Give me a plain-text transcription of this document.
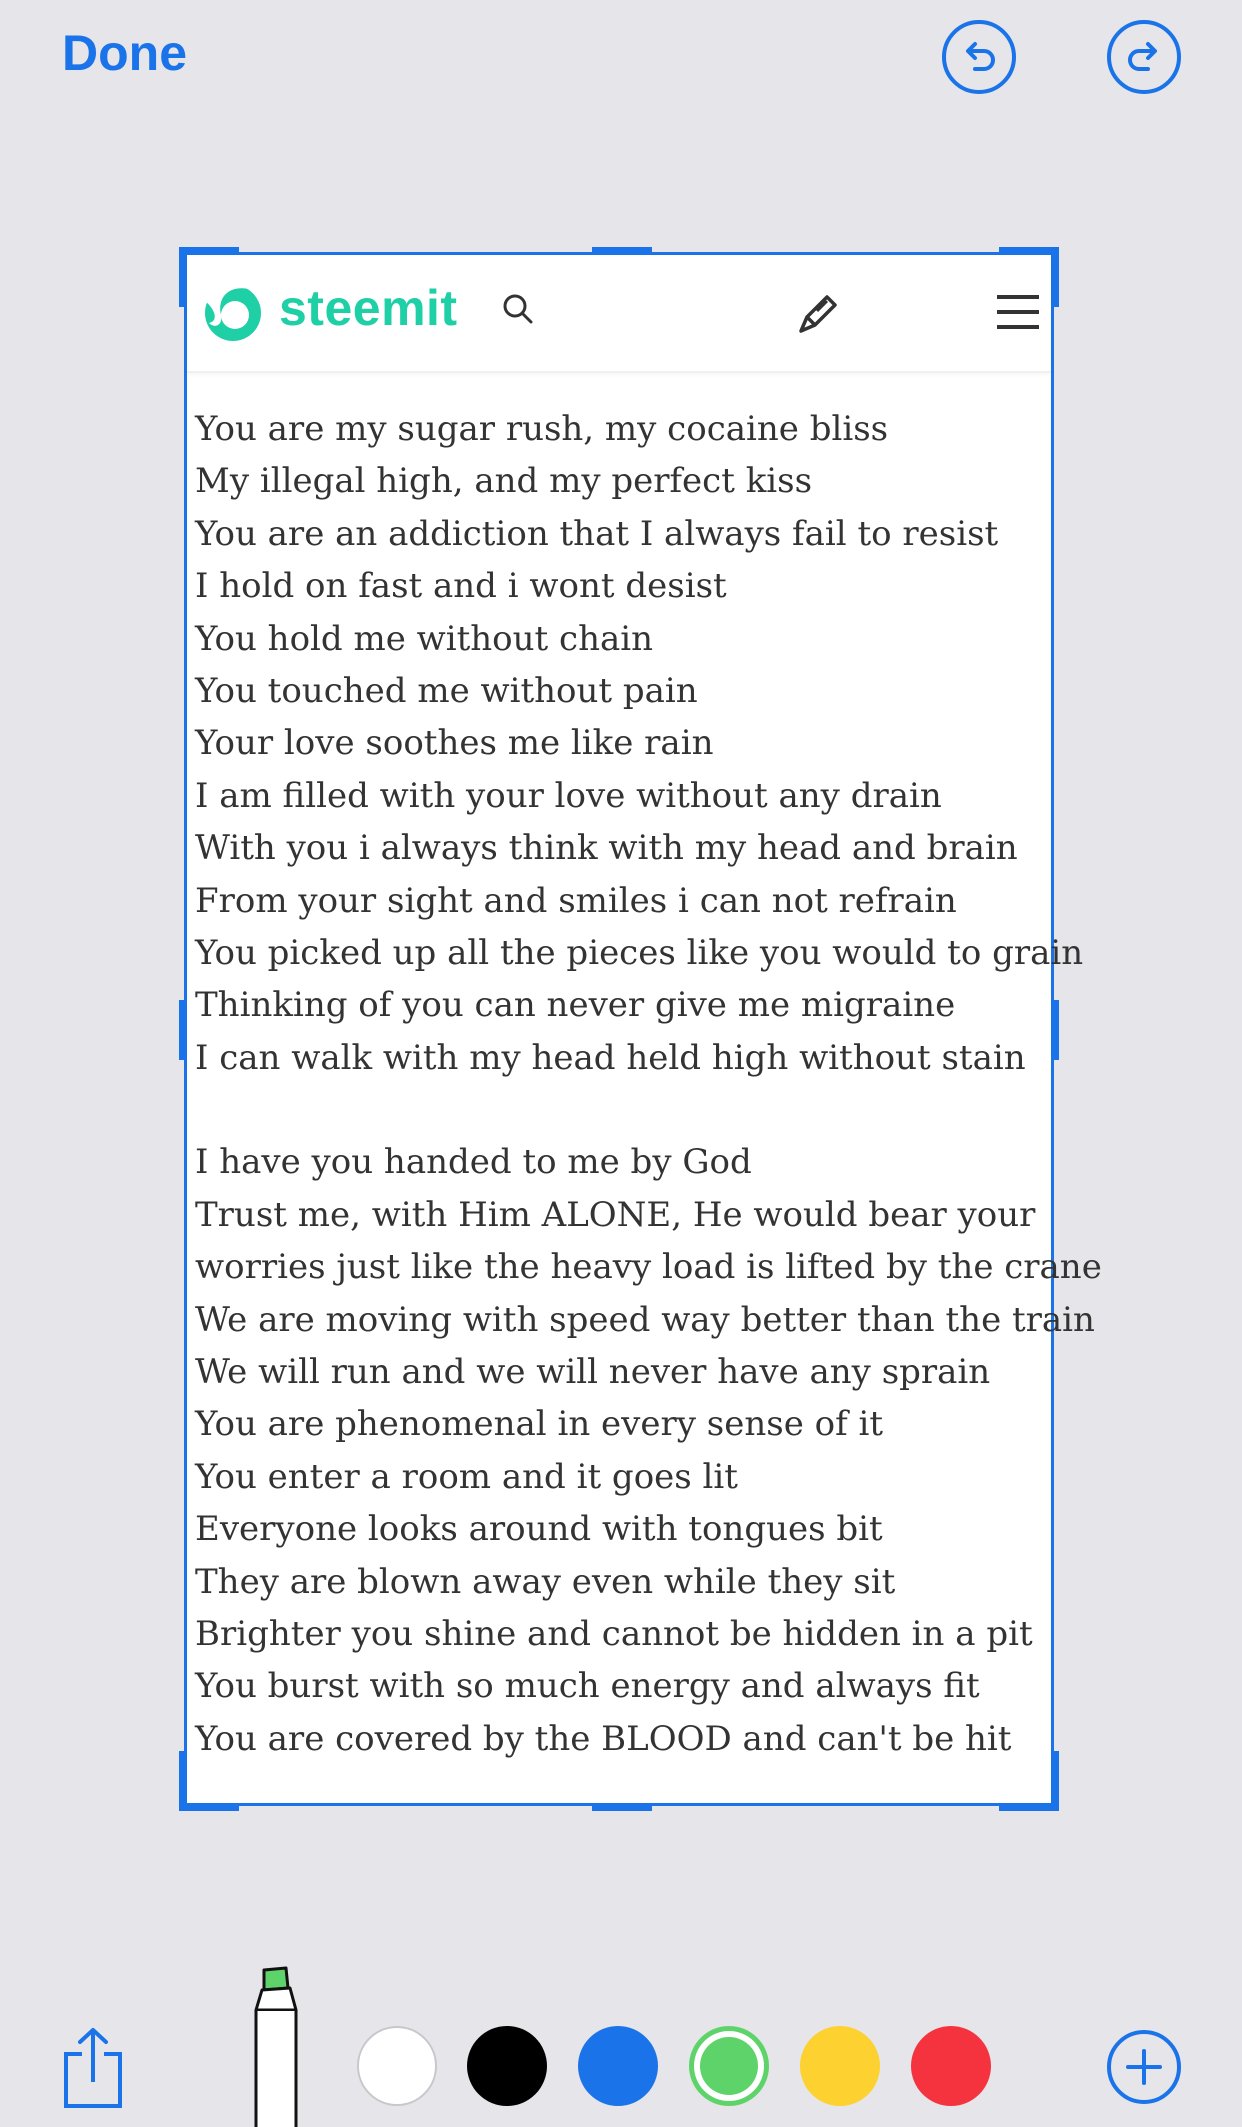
Done
steemit
You are my sugar rush, my cocaine bliss
My illegal high, and my perfect kiss
You are an addiction that I always fail to resist
I hold on fast and i wont desist
You hold me without chain
You touched me without pain
Your love soothes me like rain
I am filled with your love without any drain
With you i always think with my head and brain
From your sight and smiles i can not refrain
You picked up all the pieces like you would to grain
Thinking of you can never give me migraine
I can walk with my head held high without stain
I have you handed to me by God
Trust me, with Him ALONE, He would bear your
worries just like the heavy load is lifted by the crane
We are moving with speed way better than the train
We will run and we will never have any sprain
You are phenomenal in every sense of it
You enter a room and it goes lit
Everyone looks around with tongues bit
They are blown away even while they sit
Brighter you shine and cannot be hidden in a pit
You burst with so much energy and always fit
You are covered by the BLOOD and can't be hit
